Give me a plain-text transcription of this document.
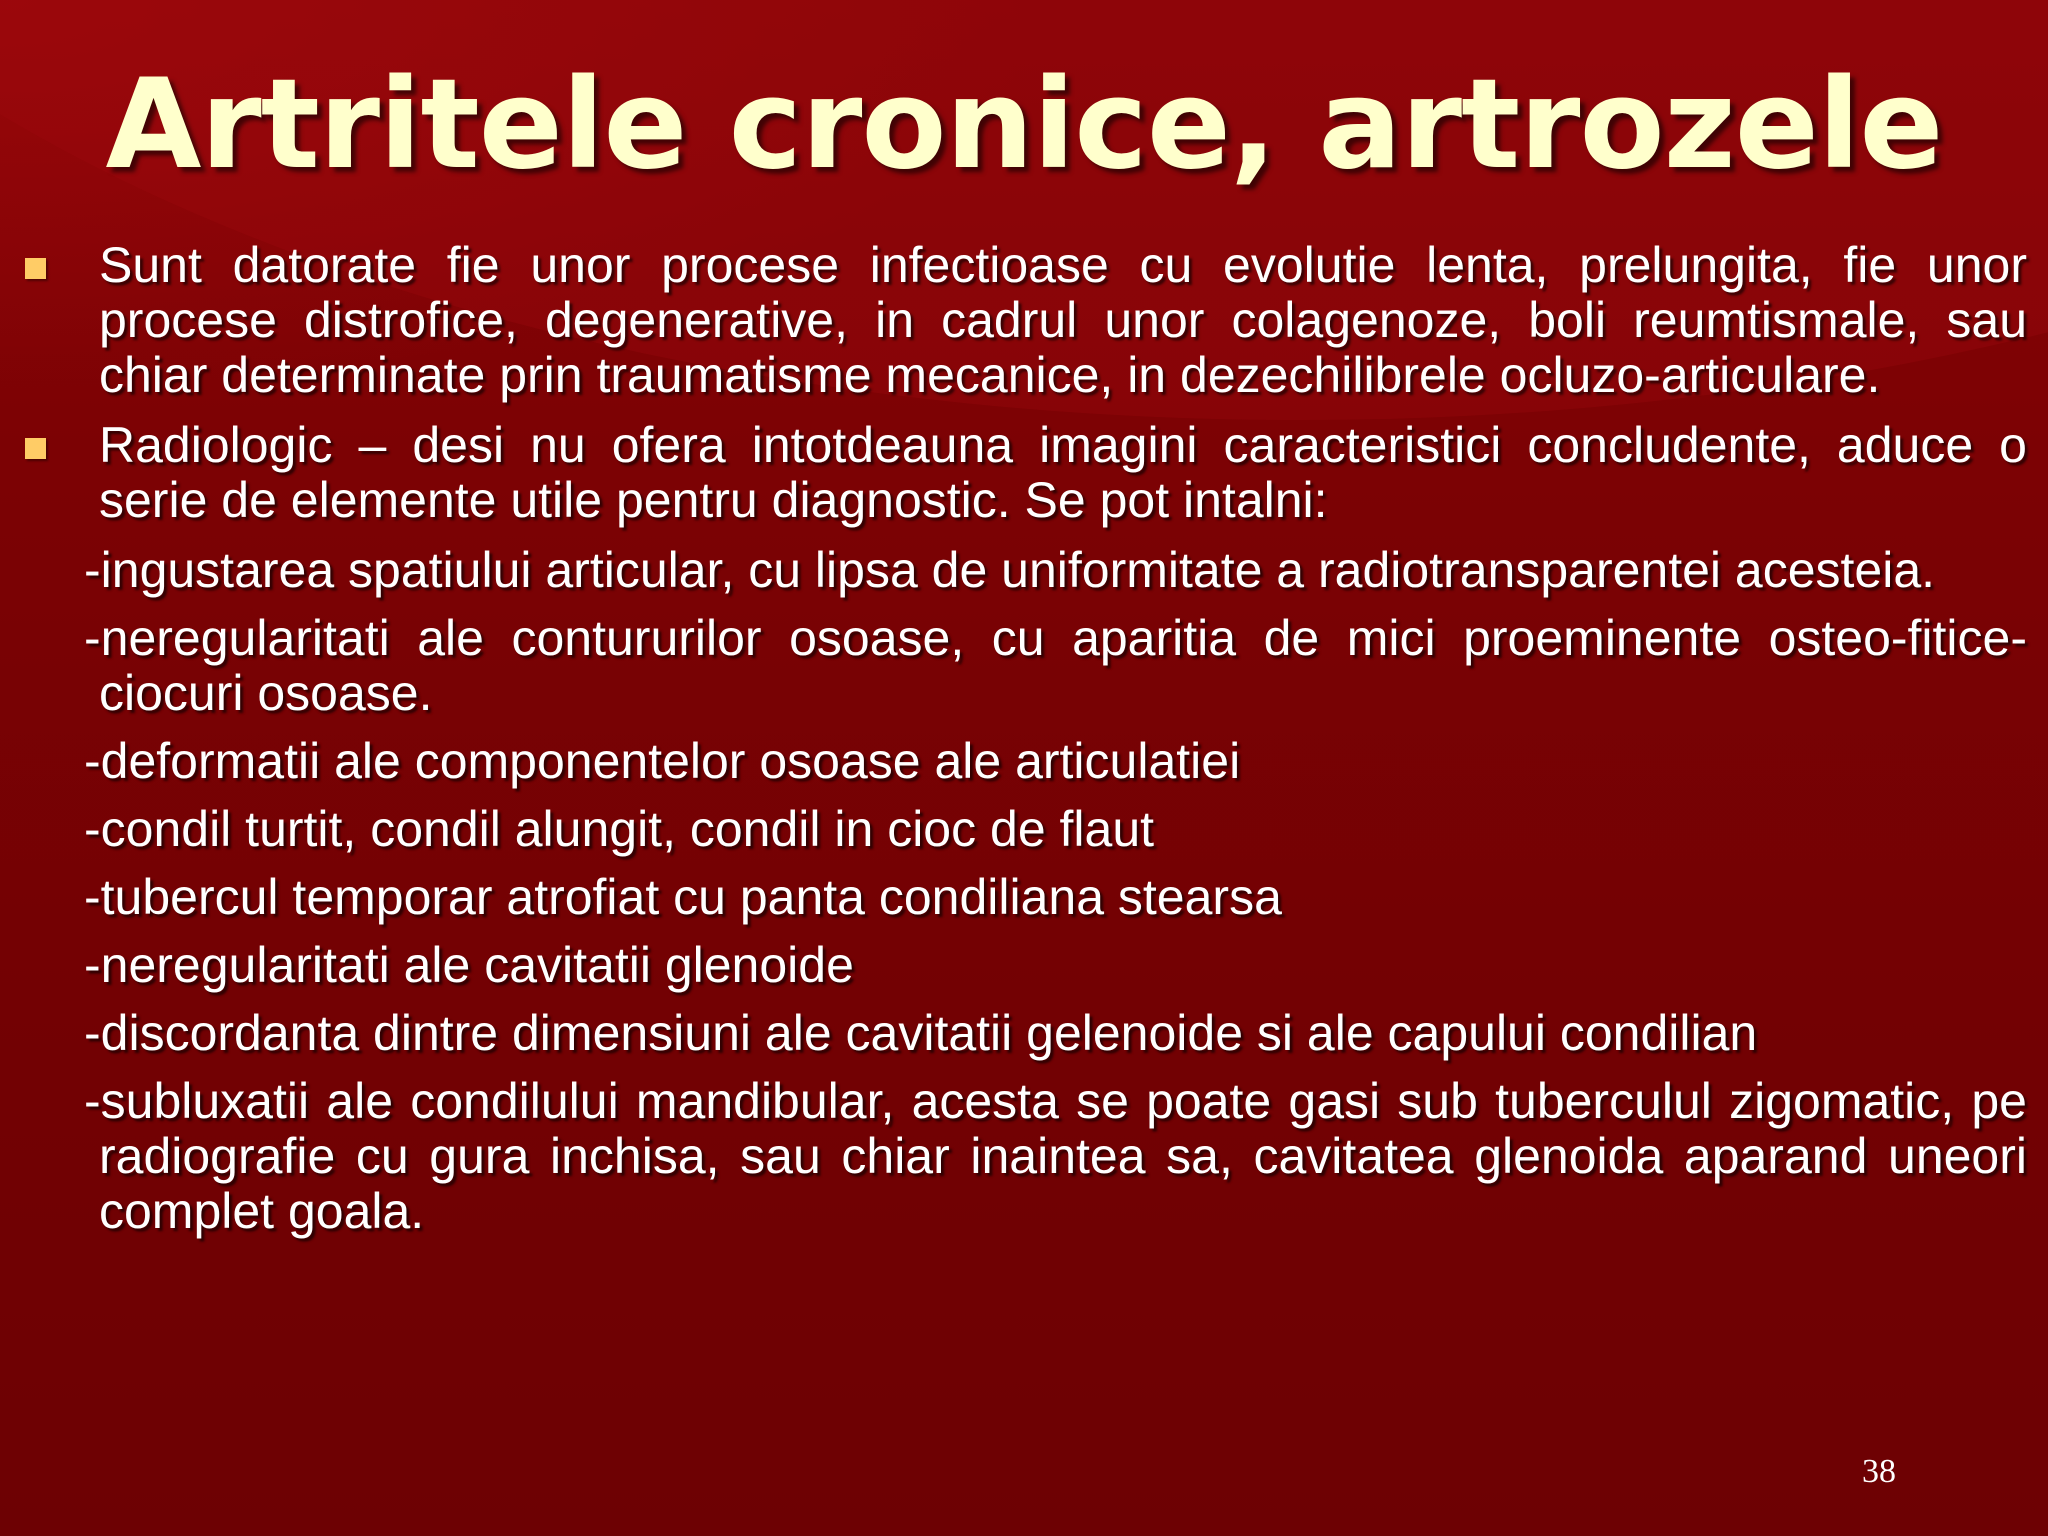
Artritele cronice, artrozele

Sunt datorate fie unor procese infectioase cu evolutie lenta, prelungita, fie unor procese distrofice, degenerative, in cadrul unor colagenoze, boli reumtismale, sau chiar determinate prin traumatisme mecanice, in dezechilibrele ocluzo-articulare.

Radiologic – desi nu ofera intotdeauna imagini caracteristici concludente, aduce o serie de elemente utile pentru diagnostic. Se pot intalni:

-ingustarea spatiului articular, cu lipsa de uniformitate a radiotransparentei acesteia.

-neregularitati ale contururilor osoase, cu aparitia de mici proeminente osteo-fitice-ciocuri osoase.

-deformatii ale componentelor osoase ale articulatiei

-condil turtit, condil alungit, condil in cioc de flaut

-tubercul temporar atrofiat cu panta condiliana stearsa

-neregularitati ale cavitatii glenoide

-discordanta dintre dimensiuni ale cavitatii gelenoide si ale capului condilian

-subluxatii ale condilului mandibular, acesta se poate gasi sub tuberculul zigomatic, pe radiografie cu gura inchisa, sau chiar inaintea sa, cavitatea glenoida aparand uneori complet goala.

38
